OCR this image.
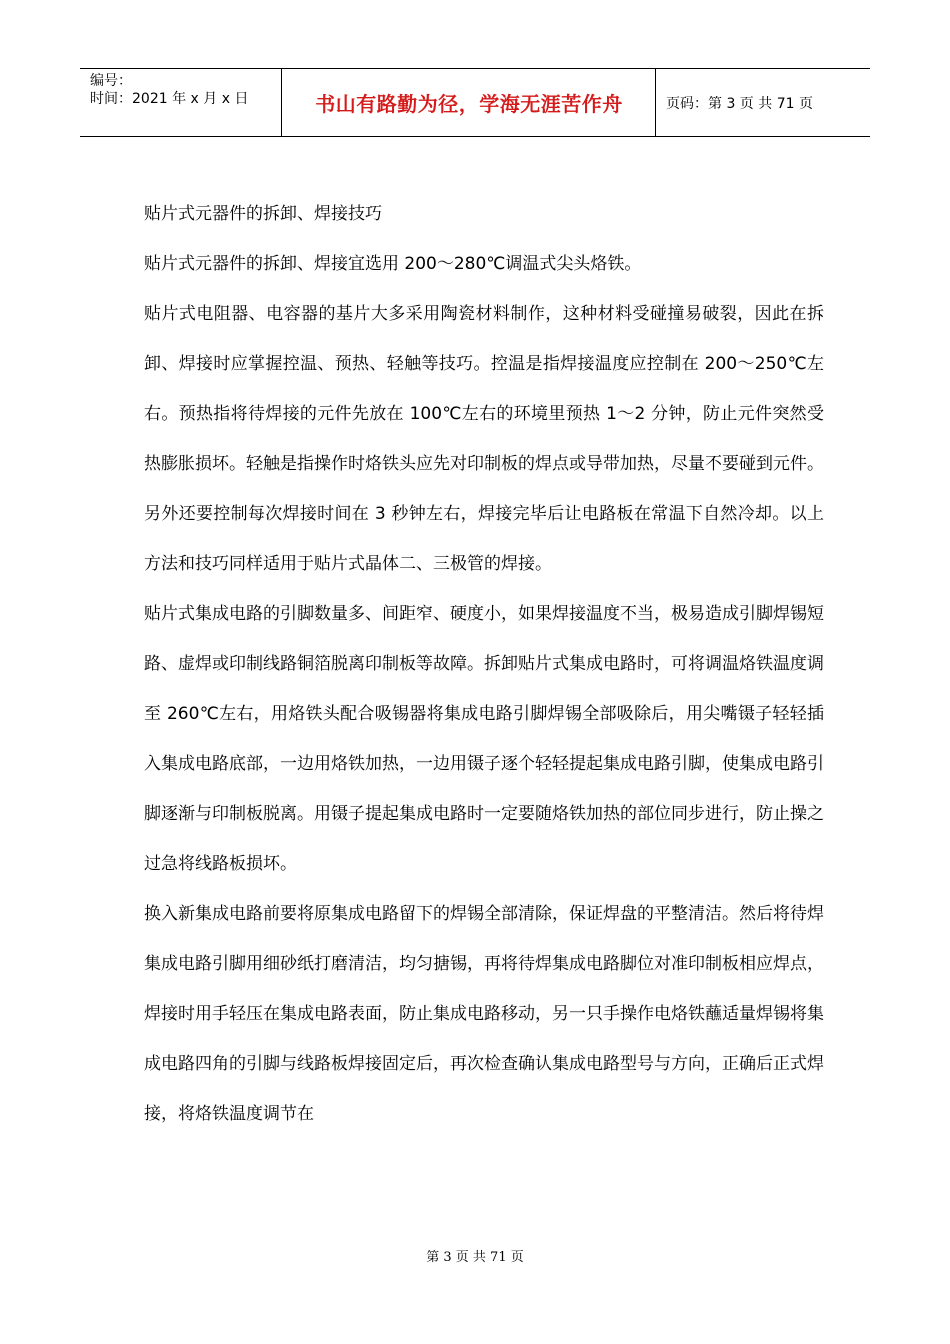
编号：
时间：2021 年 x 月 x 日	书山有路勤为径，学海无涯苦作舟	页码：第 3 页 共 71 页

贴片式元器件的拆卸、焊接技巧

贴片式元器件的拆卸、焊接宜选用 200～280℃调温式尖头烙铁。

贴片式电阻器、电容器的基片大多采用陶瓷材料制作，这种材料受碰撞易破裂，因此在拆卸、焊接时应掌握控温、预热、轻触等技巧。控温是指焊接温度应控制在 200～250℃左右。预热指将待焊接的元件先放在 100℃左右的环境里预热 1～2 分钟，防止元件突然受热膨胀损坏。轻触是指操作时烙铁头应先对印制板的焊点或导带加热，尽量不要碰到元件。另外还要控制每次焊接时间在 3 秒钟左右，焊接完毕后让电路板在常温下自然冷却。以上方法和技巧同样适用于贴片式晶体二、三极管的焊接。

贴片式集成电路的引脚数量多、间距窄、硬度小，如果焊接温度不当，极易造成引脚焊锡短路、虚焊或印制线路铜箔脱离印制板等故障。拆卸贴片式集成电路时，可将调温烙铁温度调至 260℃左右，用烙铁头配合吸锡器将集成电路引脚焊锡全部吸除后，用尖嘴镊子轻轻插入集成电路底部，一边用烙铁加热，一边用镊子逐个轻轻提起集成电路引脚，使集成电路引脚逐渐与印制板脱离。用镊子提起集成电路时一定要随烙铁加热的部位同步进行，防止操之过急将线路板损坏。

换入新集成电路前要将原集成电路留下的焊锡全部清除，保证焊盘的平整清洁。然后将待焊集成电路引脚用细砂纸打磨清洁，均匀搪锡，再将待焊集成电路脚位对准印制板相应焊点，焊接时用手轻压在集成电路表面，防止集成电路移动，另一只手操作电烙铁蘸适量焊锡将集成电路四角的引脚与线路板焊接固定后，再次检查确认集成电路型号与方向，正确后正式焊接，将烙铁温度调节在

第 3 页 共 71 页
